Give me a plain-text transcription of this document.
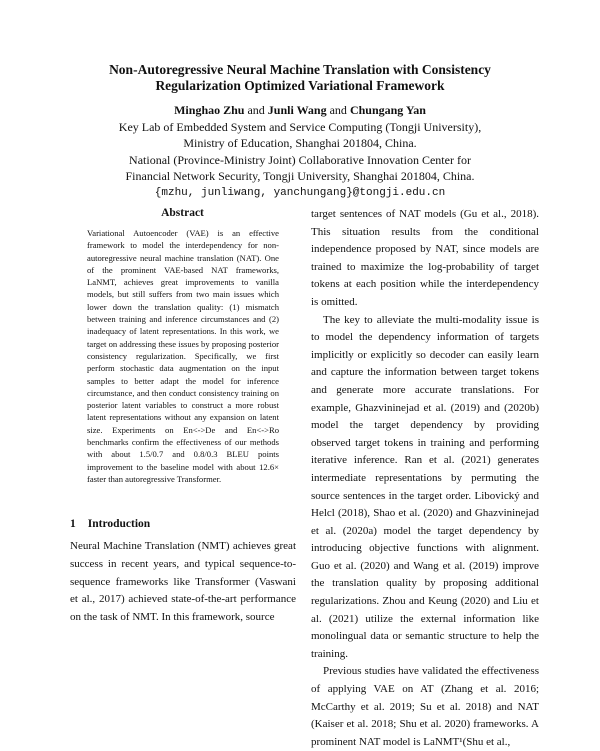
Non-Autoregressive Neural Machine Translation with Consistency
Regularization Optimized Variational Framework
Minghao Zhu and Junli Wang and Chungang Yan
Key Lab of Embedded System and Service Computing (Tongji University),
Ministry of Education, Shanghai 201804, China.
National (Province-Ministry Joint) Collaborative Innovation Center for
Financial Network Security, Tongji University, Shanghai 201804, China.
{mzhu, junliwang, yanchungang}@tongji.edu.cn
Abstract
Variational Autoencoder (VAE) is an effective framework to model the interdependency for non-autoregressive neural machine translation (NAT). One of the prominent VAE-based NAT frameworks, LaNMT, achieves great improvements to vanilla models, but still suffers from two main issues which lower down the translation quality: (1) mismatch between training and inference circumstances and (2) inadequacy of latent representations. In this work, we target on addressing these issues by proposing posterior consistency regularization. Specifically, we first perform stochastic data augmentation on the input samples to better adapt the model for inference circumstance, and then conduct consistency training on posterior latent variables to construct a more robust latent representations without any expansion on latent size. Experiments on En<->De and En<->Ro benchmarks confirm the effectiveness of our methods with about 1.5/0.7 and 0.8/0.3 BLEU points improvement to the baseline model with about 12.6× faster than autoregressive Transformer.
1 Introduction
Neural Machine Translation (NMT) achieves great success in recent years, and typical sequence-to-sequence frameworks like Transformer (Vaswani et al., 2017) achieved state-of-the-art performance on the task of NMT. In this framework, source

target sentences of NAT models (Gu et al., 2018). This situation results from the conditional independence proposed by NAT, since models are trained to maximize the log-probability of target tokens at each position while the interdependency is omitted.

The key to alleviate the multi-modality issue is to model the dependency information of targets implicitly or explicitly so decoder can easily learn and capture the information between target tokens and generate more accurate translations. For example, Ghazvininejad et al. (2019) and (2020b) model the target dependency by providing observed target tokens in training and performing iterative inference. Ran et al. (2021) generates intermediate representations by permuting the source sentences in the target order. Libovický and Helcl (2018), Shao et al. (2020) and Ghazvininejad et al. (2020a) model the target dependency by introducing objective functions with alignment. Guo et al. (2020) and Wang et al. (2019) improve the translation quality by proposing additional regularizations. Zhou and Keung (2020) and Liu et al. (2021) utilize the external information like monolingual data or semantic structure to help the training.

Previous studies have validated the effectiveness of applying VAE on AT (Zhang et al. 2016; McCarthy et al. 2019; Su et al. 2018) and NAT (Kaiser et al. 2018; Shu et al. 2020) frameworks. A prominent NAT model is LaNMT¹(Shu et al.,
